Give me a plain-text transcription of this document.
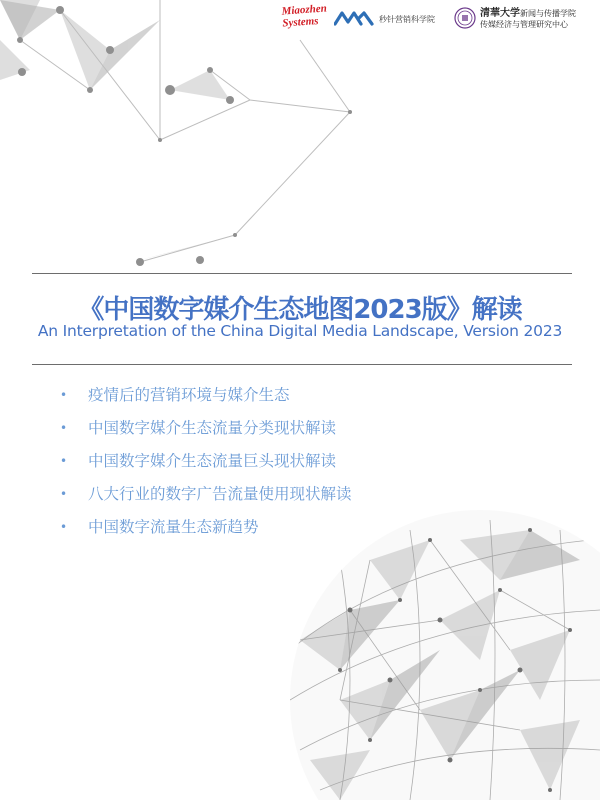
Miaozhen
Systems	秒针营销科学院
清華大学新闻与传播学院
传媒经济与管理研究中心
《中国数字媒介生态地图2023版》解读
An Interpretation of the China Digital Media Landscape, Version 2023
•	疫情后的营销环境与媒介生态
•	中国数字媒介生态流量分类现状解读
•	中国数字媒介生态流量巨头现状解读
•	八大行业的数字广告流量使用现状解读
•	中国数字流量生态新趋势
